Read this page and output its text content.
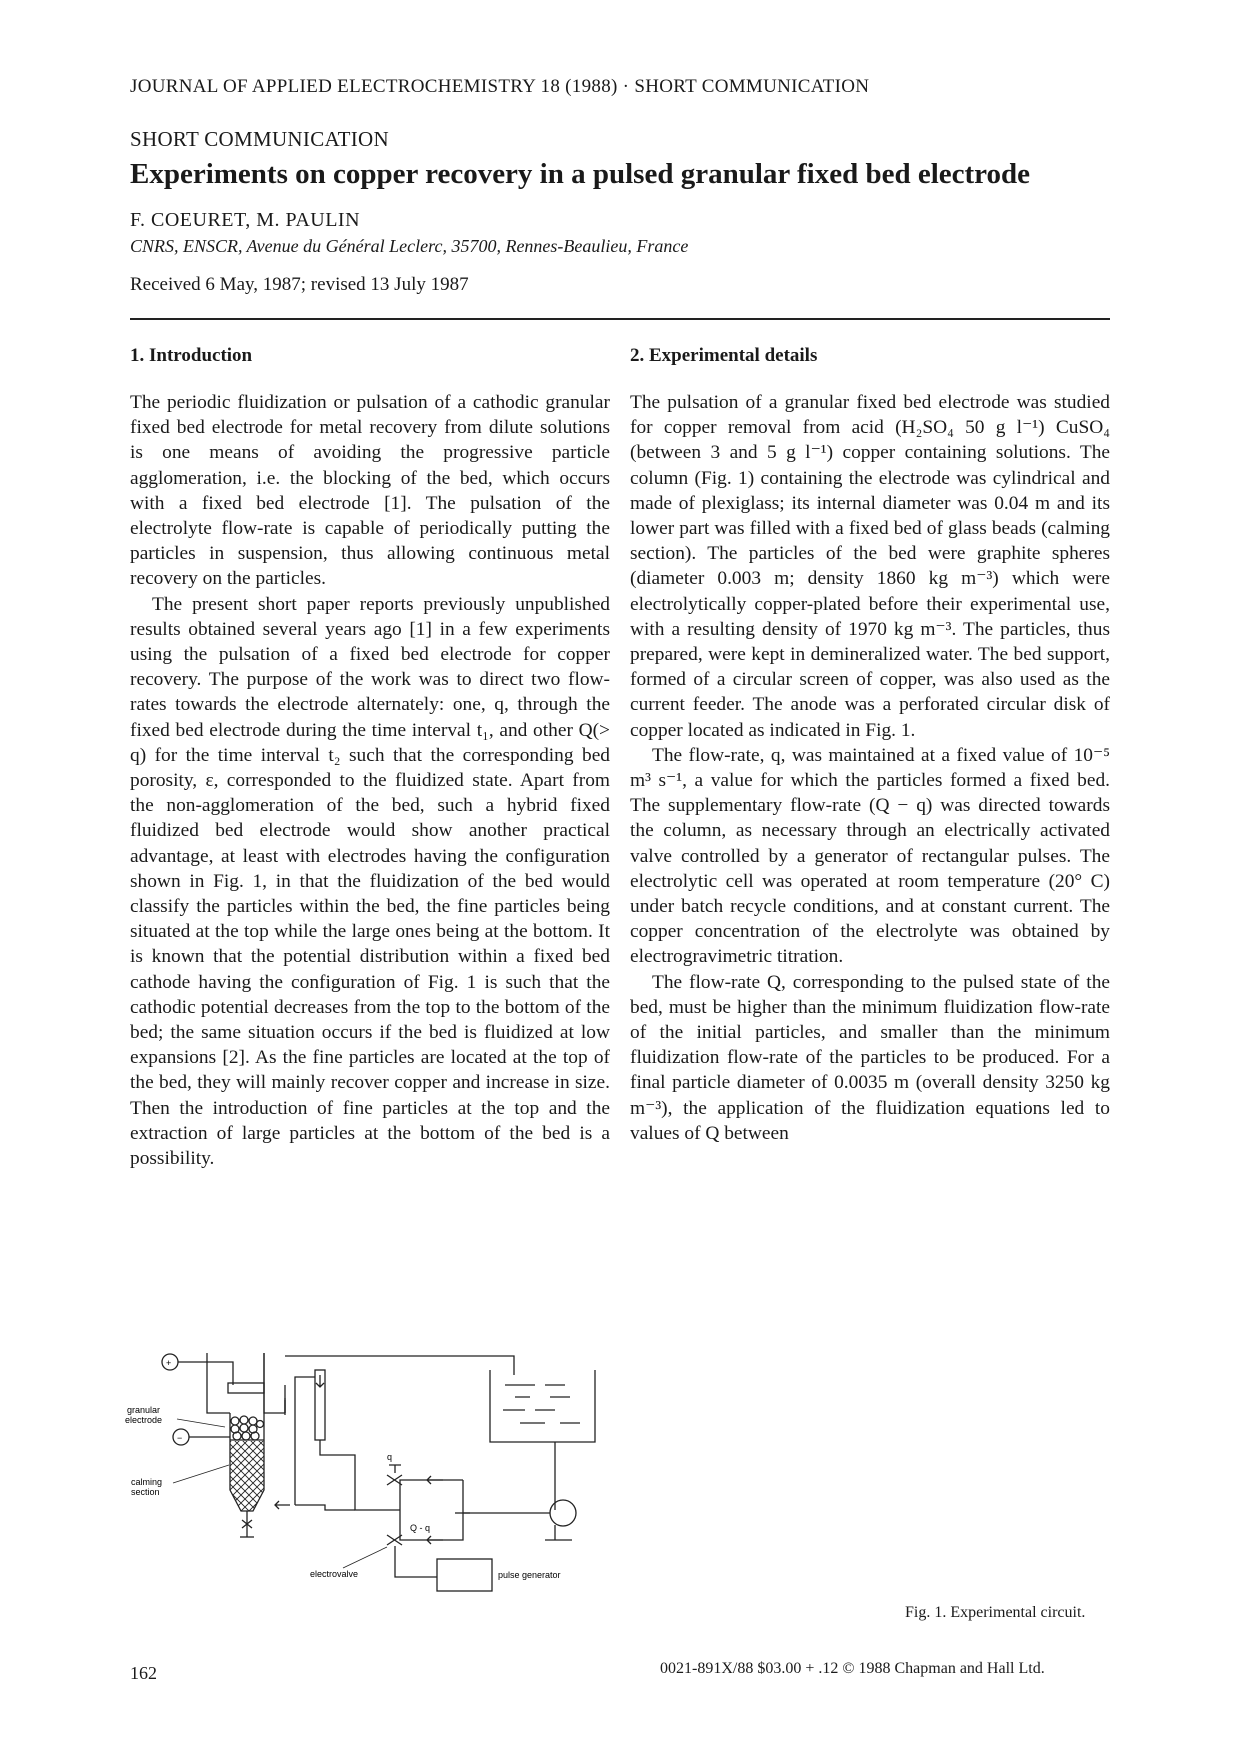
JOURNAL OF APPLIED ELECTROCHEMISTRY 18 (1988) · SHORT COMMUNICATION
SHORT COMMUNICATION
Experiments on copper recovery in a pulsed granular fixed bed electrode
F. COEURET, M. PAULIN
CNRS, ENSCR, Avenue du Général Leclerc, 35700, Rennes-Beaulieu, France
Received 6 May, 1987; revised 13 July 1987
1. Introduction	2. Experimental details

The periodic fluidization or pulsation of a cathodic granular fixed bed electrode for metal recovery from dilute solutions is one means of avoiding the progressive particle agglomeration, i.e. the blocking of the bed, which occurs with a fixed bed electrode [1]. The pulsation of the electrolyte flow-rate is capable of periodically putting the particles in suspension, thus allowing continuous metal recovery on the particles.

The present short paper reports previously unpublished results obtained several years ago [1] in a few experiments using the pulsation of a fixed bed electrode for copper recovery. The purpose of the work was to direct two flow-rates towards the electrode alternately: one, q, through the fixed bed electrode during the time interval t₁, and other Q(> q) for the time interval t₂ such that the corresponding bed porosity, ε, corresponded to the fluidized state. Apart from the non-agglomeration of the bed, such a hybrid fixed fluidized bed electrode would show another practical advantage, at least with electrodes having the configuration shown in Fig. 1, in that the fluidization of the bed would classify the particles within the bed, the fine particles being situated at the top while the large ones being at the bottom. It is known that the potential distribution within a fixed bed cathode having the configuration of Fig. 1 is such that the cathodic potential decreases from the top to the bottom of the bed; the same situation occurs if the bed is fluidized at low expansions [2]. As the fine particles are located at the top of the bed, they will mainly recover copper and increase in size. Then the introduction of fine particles at the top and the extraction of large particles at the bottom of the bed is a possibility.

The pulsation of a granular fixed bed electrode was studied for copper removal from acid (H₂SO₄ 50 g l⁻¹) CuSO₄ (between 3 and 5 g l⁻¹) copper containing solutions. The column (Fig. 1) containing the electrode was cylindrical and made of plexiglass; its internal diameter was 0.04 m and its lower part was filled with a fixed bed of glass beads (calming section). The particles of the bed were graphite spheres (diameter 0.003 m; density 1860 kg m⁻³) which were electrolytically copper-plated before their experimental use, with a resulting density of 1970 kg m⁻³. The particles, thus prepared, were kept in demineralized water. The bed support, formed of a circular screen of copper, was also used as the current feeder. The anode was a perforated circular disk of copper located as indicated in Fig. 1.

The flow-rate, q, was maintained at a fixed value of 10⁻⁵ m³ s⁻¹, a value for which the particles formed a fixed bed. The supplementary flow-rate (Q − q) was directed towards the column, as necessary through an electrically activated valve controlled by a generator of rectangular pulses. The electrolytic cell was operated at room temperature (20° C) under batch recycle conditions, and at constant current. The copper concentration of the electrolyte was obtained by electrogravimetric titration.

The flow-rate Q, corresponding to the pulsed state of the bed, must be higher than the minimum fluidization flow-rate of the initial particles, and smaller than the minimum fluidization flow-rate of the particles to be produced. For a final particle diameter of 0.0035 m (overall density 3250 kg m⁻³), the application of the fluidization equations led to values of Q between

+
−
granular
electrode
calming
section
q
Q - q
electrovalve	pulse generator
Fig. 1. Experimental circuit.
162	0021-891X/88 $03.00 + .12 © 1988 Chapman and Hall Ltd.
